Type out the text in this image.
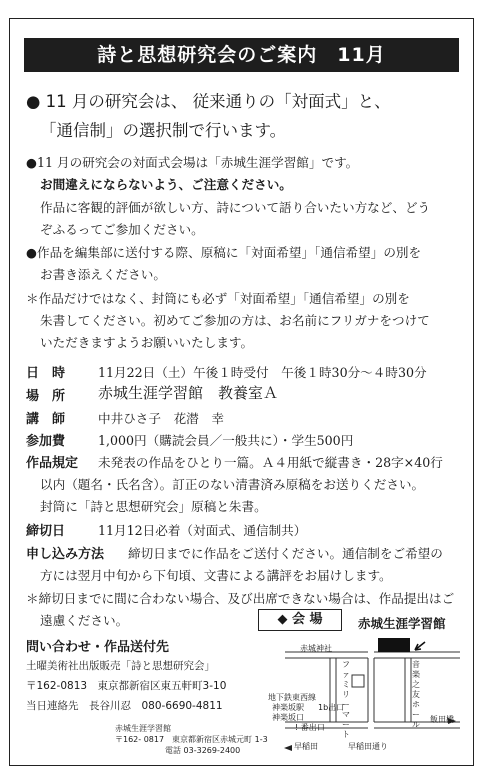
詩と思想研究会のご案内　11月
● 11 月の研究会は、 従来通りの「対面式」と、
「通信制」の選択制で行います。
●11 月の研究会の対面式会場は「赤城生涯学習館」です。
お間違えにならないよう、ご注意ください。
作品に客観的評価が欲しい方、詩について語り合いたい方など、どう
ぞふるってご参加ください。
●作品を編集部に送付する際、原稿に「対面希望」「通信希望」の別を
お書き添えください。
＊作品だけではなく、封筒にも必ず「対面希望」「通信希望」の別を
朱書してください。初めてご参加の方は、お名前にフリガナをつけて
いただきますようお願いいたします。
日　時	11月22日（土）午後１時受付　午後１時30分～４時30分
場　所 赤城生涯学習館　教養室Ａ
講　師	中井ひさ子　花潜　幸
参加費	1,000円（購読会員／一般共に）・学生500円
作品規定 未発表の作品をひとり一篇。Ａ４用紙で縦書き・28字×40行
以内（題名・氏名含）。訂正のない清書済み原稿をお送りください。
封筒に「詩と思想研究会」原稿と朱書。
締切日	11月12日必着（対面式、通信制共）
申し込み方法 締切日までに作品をご送付ください。通信制をご希望の
方には翌月中旬から下旬頃、文書による講評をお届けします。
＊締切日までに間に合わない場合、及び出席できない場合は、作品提出はご
遠慮ください。
問い合わせ・作品送付先
土曜美術社出版販売「詩と思想研究会」
〒162-0813　東京都新宿区東五軒町3-10
当日連絡先　長谷川忍　080-6690-4811
赤城生涯学習館
〒162- 0817　東京都新宿区赤城元町 1-3
電話 03-3269-2400
◆ 会 場	赤城生涯学習館
赤城神社
地下鉄東西線
神楽坂駅
神楽坂口
1b出口
! 番出口
ファミリーマート
音楽之友ホール
飯田橋
早稲田	早稲田通り
